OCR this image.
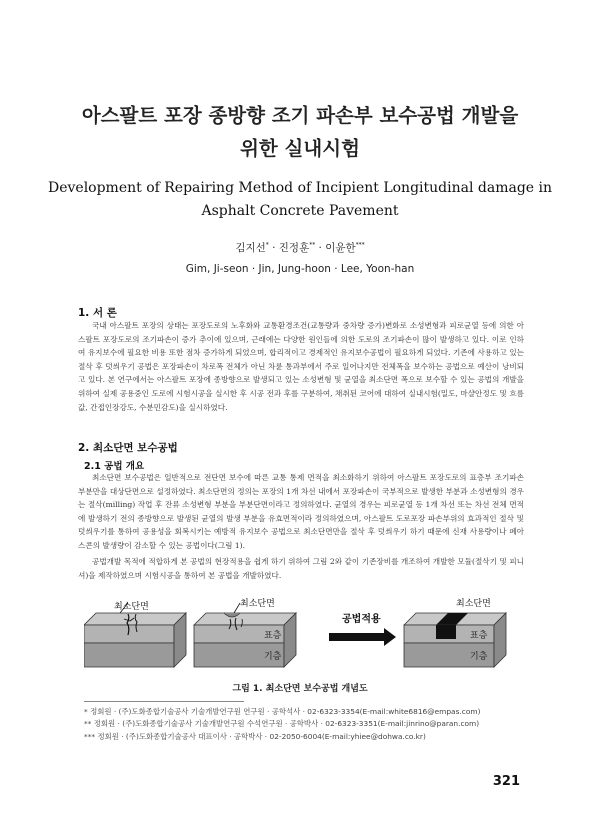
아스팔트 포장 종방향 조기 파손부 보수공법 개발을
위한 실내시험
Development of Repairing Method of Incipient Longitudinal damage in
Asphalt Concrete Pavement
김지선* · 진정훈** · 이윤한***
Gim, Ji-seon · Jin, Jung-hoon · Lee, Yoon-han
1. 서 론
국내 아스팔트 포장의 상태는 포장도로의 노후화와 교통환경조건(교통량과 중차량 증가)변화로 소성변형과 피로균열 등에 의한 아스팔트 포장도로의 조기파손이 증가 추이에 있으며, 근래에는 다양한 원인들에 의한 도로의 조기파손이 많이 발생하고 있다. 이로 인하여 유지보수에 필요한 비용 또한 점차 증가하게 되었으며, 합리적이고 경제적인 유지보수공법이 필요하게 되었다. 기존에 사용하고 있는 절삭 후 덧씌우기 공법은 포장파손이 차로폭 전체가 아닌 차륜 통과부에서 주로 일어나지만 전체폭을 보수하는 공법으로 예산이 낭비되고 있다. 본 연구에서는 아스팔트 포장에 종방향으로 발생되고 있는 소성변형 및 균열을 최소단면 폭으로 보수할 수 있는 공법의 개발을 위하여 실제 공용중인 도로에 시험시공을 실시한 후 시공 전과 후를 구분하여, 채취된 코어에 대하여 실내시험(밀도, 마샬안정도 및 흐름값, 간접인장강도, 수분민감도)을 실시하였다.
2. 최소단면 보수공법
2.1 공법 개요
최소단면 보수공법은 일반적으로 전단면 보수에 따른 교통 통제 면적을 최소화하기 위하여 아스팔트 포장도로의 표층부 조기파손 부분만을 대상단면으로 설정하였다. 최소단면의 정의는 포장의 1개 차선 내에서 포장파손이 국부적으로 발생한 부분과 소성변형의 경우는 절삭(milling) 작업 후 잔류 소성변형 부분을 부분단면이라고 정의하였다. 균열의 경우는 피로균열 등 1개 차선 또는 차선 전체 면적에 발생하기 전의 종방향으로 발생된 균열의 발생 부분을 유효면적이라 정의하였으며, 아스팔트 도로포장 파손부위의 효과적인 절삭 및 덧씌우기를 통하여 공용성을 회복시키는 예방적 유지보수 공법으로 최소단면만을 절삭 후 덧씌우기 하기 때문에 신재 사용량이나 폐아스콘의 발생량이 감소할 수 있는 공법이다(그림 1).
공법개발 목적에 적합하게 본 공법의 현장적용을 쉽게 하기 위하여 그림 2와 같이 기존장비를 개조하여 개발한 모듈(절삭기 및 피니셔)을 제작하였으며 시험시공을 통하여 본 공법을 개발하였다.
표층
기층
최소단면	최소단면
공법적용
표층
기층
최소단면
그림 1. 최소단면 보수공법 개념도
* 정회원 · (주)도화종합기술공사 기술개발연구원 연구원 · 공학석사 · 02-6323-3354(E-mail:white6816@empas.com)
** 정회원 · (주)도화종합기술공사 기술개발연구원 수석연구원 · 공학박사 · 02-6323-3351(E-mail:jinrino@paran.com)
*** 정회원 · (주)도화종합기술공사 대표이사 · 공학박사 · 02-2050-6004(E-mail:yhiee@dohwa.co.kr)
321
